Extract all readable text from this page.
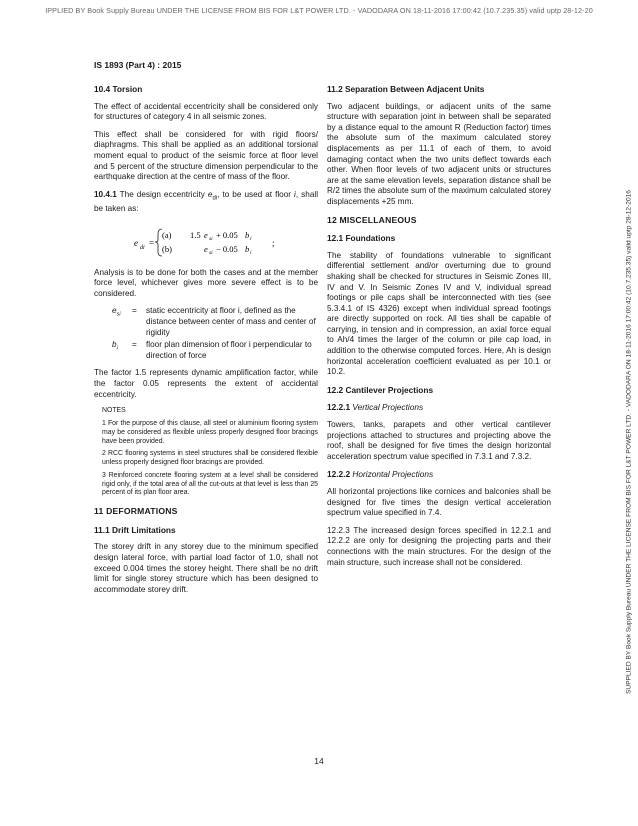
IPPLIED BY Book Supply Bureau UNDER THE LICENSE FROM BIS FOR L&T POWER LTD. - VADODARA ON 18-11-2016 17:00:42 (10.7.235.35) valid uptp 28-12-20
SUPPLIED BY Book Supply Bureau UNDER THE LICENSE FROM BIS FOR L&T POWER LTD. - VADODARA ON 18-11-2016 17:00:42 (10.7.235.35) valid uptp 28-12-2016
IS 1893 (Part 4) : 2015
10.4 Torsion

The effect of accidental eccentricity shall be considered only for structures of category 4 in all seismic zones.

This effect shall be considered for with rigid floors/ diaphragms. This shall be applied as an additional torsional moment equal to product of the seismic force at floor level and 5 percent of the structure dimension perpendicular to the earthquake direction at the centre of mass of the floor.

10.4.1 The design eccentricity $e_{di}$, to be used at floor i, shall be taken as:

e di =
(a) 1.5 e si + 0.05 b i
(b)	e si − 0.05 b i
;

Analysis is to be done for both the cases and at the member force level, whichever gives more severe effect is to be considered.

$e_{si}$	=	static eccentricity at floor i, defined as the distance between center of mass and center of rigidity
$b_i$	=	floor plan dimension of floor i perpendicular to direction of force

The factor 1.5 represents dynamic amplification factor, while the factor 0.05 represents the extent of accidental eccentricity.

NOTES

1 For the purpose of this clause, all steel or aluminium flooring system may be considered as flexible unless properly designed floor bracings have been provided.

2 RCC flooring systems in steel structures shall be considered flexible unless properly designed floor bracings are provided.

3 Reinforced concrete flooring system at a level shall be considered rigid only, if the total area of all the cut-outs at that level is less than 25 percent of its plan floor area.

11 DEFORMATIONS
11.1 Drift Limitations

The storey drift in any storey due to the minimum specified design lateral force, with partial load factor of 1.0, shall not exceed 0.004 times the storey height. There shall be no drift limit for single storey structure which has been designed to accommodate storey drift.

11.2 Separation Between Adjacent Units

Two adjacent buildings, or adjacent units of the same structure with separation joint in between shall be separated by a distance equal to the amount R (Reduction factor) times the absolute sum of the maximum calculated storey displacements as per 11.1 of each of them, to avoid damaging contact when the two units deflect towards each other. When floor levels of two adjacent units or structures are at the same elevation levels, separation distance shall be R/2 times the absolute sum of the maximum calculated storey displacements +25 mm.

12 MISCELLANEOUS
12.1 Foundations

The stability of foundations vulnerable to significant differential settlement and/or overturning due to ground shaking shall be checked for structures in Seismic Zones III, IV and V. In Seismic Zones IV and V, individual spread footings or pile caps shall be interconnected with ties (see 5.3.4.1 of IS 4326) except when individual spread footings are directly supported on rock. All ties shall be capable of carrying, in tension and in compression, an axial force equal to Ah/4 times the larger of the column or pile cap load, in addition to the otherwise computed forces. Here, Ah is design horizontal acceleration coefficient evaluated as per 10.1 or 10.2.

12.2 Cantilever Projections
12.2.1 Vertical Projections

Towers, tanks, parapets and other vertical cantilever projections attached to structures and projecting above the roof, shall be designed for five times the design horizontal acceleration spectrum value specified in 7.3.1 and 7.3.2.

12.2.2 Horizontal Projections

All horizontal projections like cornices and balconies shall be designed for five times the design vertical acceleration spectrum value specified in 7.4.

12.2.3 The increased design forces specified in 12.2.1 and 12.2.2 are only for designing the projecting parts and their connections with the main structures. For the design of the main structure, such increase shall not be considered.

14
